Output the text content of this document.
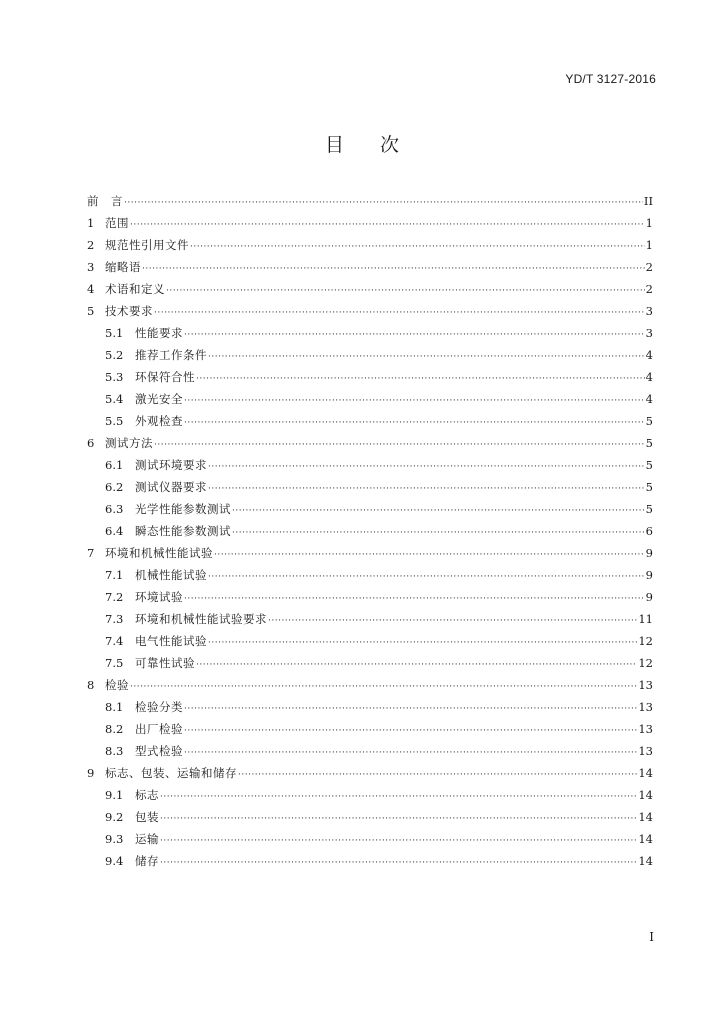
YD/T 3127-2016
目 次
前　言 ·····	II
1 范围 ·····	1
2 规范性引用文件 ·····	1
3 缩略语 ·····	2
4 术语和定义 ·····	2
5 技术要求 ·····	3
5.1	性能要求 ·····	3
5.2	推荐工作条件 ·····	4
5.3	环保符合性 ·····	4
5.4	激光安全 ·····	4
5.5	外观检查 ·····	5
6 测试方法 ·····	5
6.1	测试环境要求 ·····	5
6.2	测试仪器要求 ·····	5
6.3	光学性能参数测试 ·····	5
6.4	瞬态性能参数测试 ·····	6
7 环境和机械性能试验 ·····	9
7.1	机械性能试验 ·····	9
7.2	环境试验 ·····	9
7.3	环境和机械性能试验要求 ·····	11
7.4	电气性能试验 ·····	12
7.5	可靠性试验 ·····	12
8 检验 ·····	13
8.1	检验分类 ·····	13
8.2	出厂检验 ·····	13
8.3	型式检验 ·····	13
9 标志、包装、运输和储存 ·····	14
9.1	标志 ·····	14
9.2	包装 ·····	14
9.3	运输 ·····	14
9.4	储存 ·····	14
I
